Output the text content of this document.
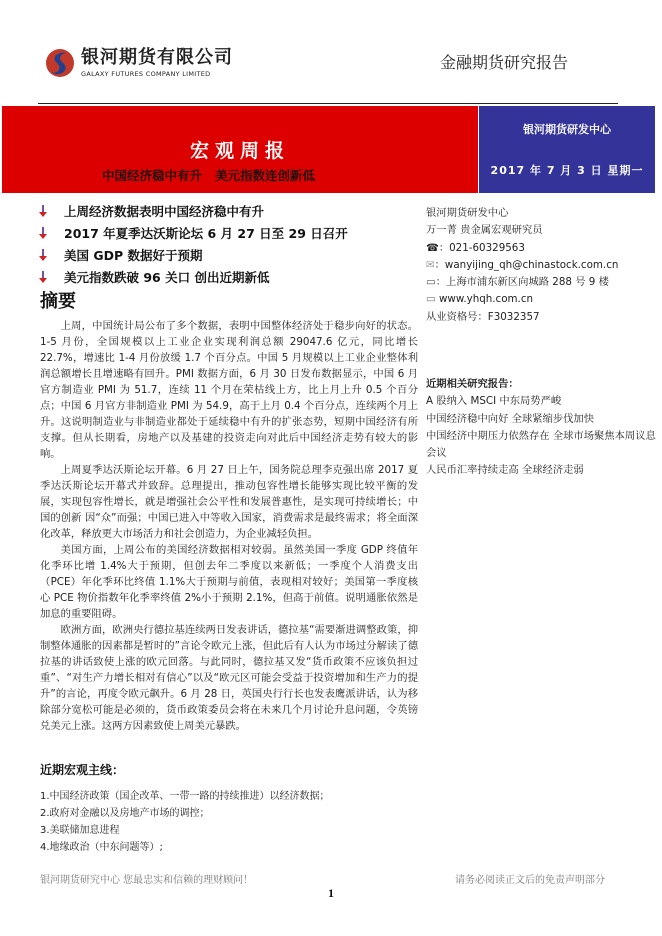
银河期货有限公司
GALAXY FUTURES COMPANY LIMITED
金融期货研究报告
宏观周报
银河期货研发中心
2017 年 7 月 3 日 星期一
中国经济稳中有升   美元指数连创新低
上周经济数据表明中国经济稳中有升
2017 年夏季达沃斯论坛 6 月 27 日至 29 日召开
美国 GDP 数据好于预期
美元指数跌破 96 关口 创出近期新低
摘要

上周，中国统计局公布了多个数据，表明中国整体经济处于稳步向好的状态。1-5 月份，全国规模以上工业企业实现利润总额 29047.6 亿元，同比增长 22.7%，增速比 1-4 月份放缓 1.7 个百分点。中国 5 月规模以上工业企业整体利润总额增长且增速略有回升。PMI 数据方面，6 月 30 日发布数据显示，中国 6 月官方制造业 PMI 为 51.7，连续 11 个月在荣枯线上方，比上月上升 0.5 个百分点；中国 6 月官方非制造业 PMI 为 54.9，高于上月 0.4 个百分点，连续两个月上升。这说明制造业与非制造业都处于延续稳中有升的扩张态势，短期中国经济有所支撑。但从长期看，房地产以及基建的投资走向对此后中国经济走势有较大的影响。

上周夏季达沃斯论坛开幕。6 月 27 日上午，国务院总理李克强出席 2017 夏季达沃斯论坛开幕式并致辞。总理提出，推动包容性增长能够实现比较平衡的发展，实现包容性增长，就是增强社会公平性和发展普惠性，是实现可持续增长；中国的创新 因“众”而强；中国已进入中等收入国家，消费需求是最终需求；将全面深化改革，释放更大市场活力和社会创造力，为企业减轻负担。

美国方面，上周公布的美国经济数据相对较弱。虽然美国一季度 GDP 终值年化季环比增 1.4%大于预期，但创去年二季度以来新低；一季度个人消费支出（PCE）年化季环比终值 1.1%大于预期与前值，表现相对较好；美国第一季度核心 PCE 物价指数年化季率终值 2%小于预期 2.1%，但高于前值。说明通胀依然是加息的重要阻碍。

欧洲方面，欧洲央行德拉基连续两日发表讲话，德拉基“需要渐进调整政策，抑制整体通胀的因素都是暂时的”言论令欧元上涨，但此后有人认为市场过分解读了德拉基的讲话致使上涨的欧元回落。与此同时，德拉基又发“货币政策不应该负担过重”、“对生产力增长相对有信心”以及“欧元区可能会受益于投资增加和生产力的提升”的言论，再度令欧元飙升。6 月 28 日，英国央行行长也发表鹰派讲话，认为移除部分宽松可能是必须的，货币政策委员会将在未来几个月讨论升息问题，令英镑兑美元上涨。这两方因素致使上周美元暴跌。

银河期货研发中心
万一菁 贵金属宏观研究员
☎：021-60329563
✉：wanyijing_qh@chinastock.com.cn
▭：上海市浦东新区向城路 288 号 9 楼
▭ www.yhqh.com.cn
从业资格号：F3032357
近期相关研究报告：
A 股纳入 MSCI 中东局势严峻
中国经济稳中向好 全球紧缩步伐加快
中国经济中期压力依然存在 全球市场聚焦本周议息会议
人民币汇率持续走高 全球经济走弱
近期宏观主线：
1.中国经济政策（国企改革、一带一路的持续推进）以经济数据；
2.政府对金融以及房地产市场的调控；
3.美联储加息进程
4.地缘政治（中东问题等）;
银河期货研究中心 您最忠实和信赖的理财顾问！	请务必阅读正文后的免责声明部分
1
